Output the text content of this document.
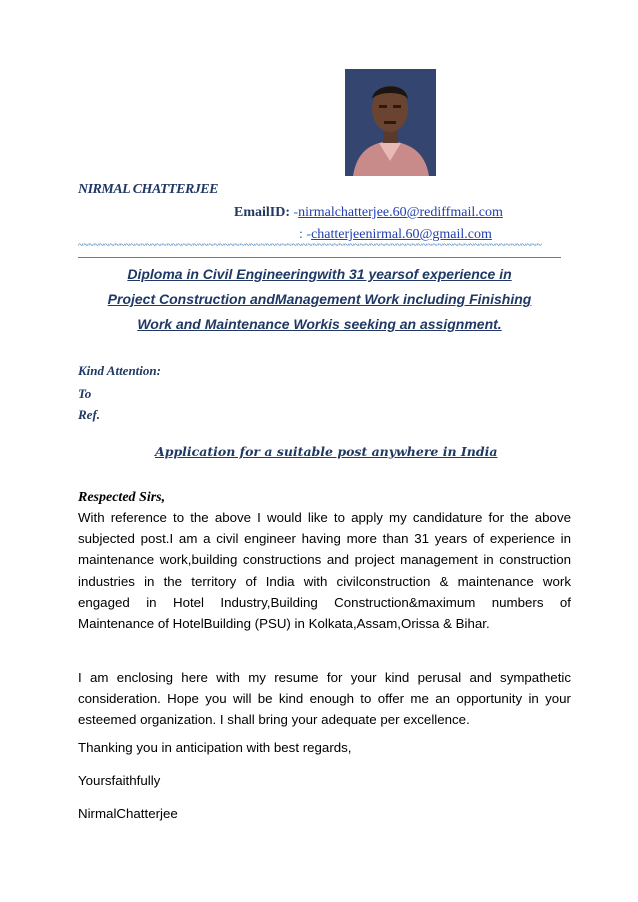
NIRMAL CHATTERJEE
EmailID: -nirmalchatterjee.60@rediffmail.com
: -chatterjeenirmal.60@gmail.com
~~~~~~~~~~~~~~~~~~~~~~~~~~~~~~~~~~~~~~~~~~~~~~~~~~~~~~~~~~~~~~~~~~~~~~~~~~~~~~~~~~~~~~~~~
Diploma in Civil Engineeringwith 31 yearsof experience in
Project Construction andManagement Work including Finishing
Work and Maintenance Workis seeking an assignment.
Kind Attention:
To
Ref.
Application for a suitable post anywhere in India
Respected Sirs,
With reference to the above I would like to apply my candidature for the above subjected post.I am a civil engineer having more than 31 years of experience in maintenance work,building constructions and project management in construction industries in the territory of India with civilconstruction & maintenance work engaged in Hotel Industry,Building Construction&maximum numbers of Maintenance of HotelBuilding (PSU) in Kolkata,Assam,Orissa & Bihar.
I am enclosing here with my resume for your kind perusal and sympathetic consideration. Hope you will be kind enough to offer me an opportunity in your esteemed organization. I shall bring your adequate per excellence.
Thanking you in anticipation with best regards,
Yoursfaithfully
NirmalChatterjee
